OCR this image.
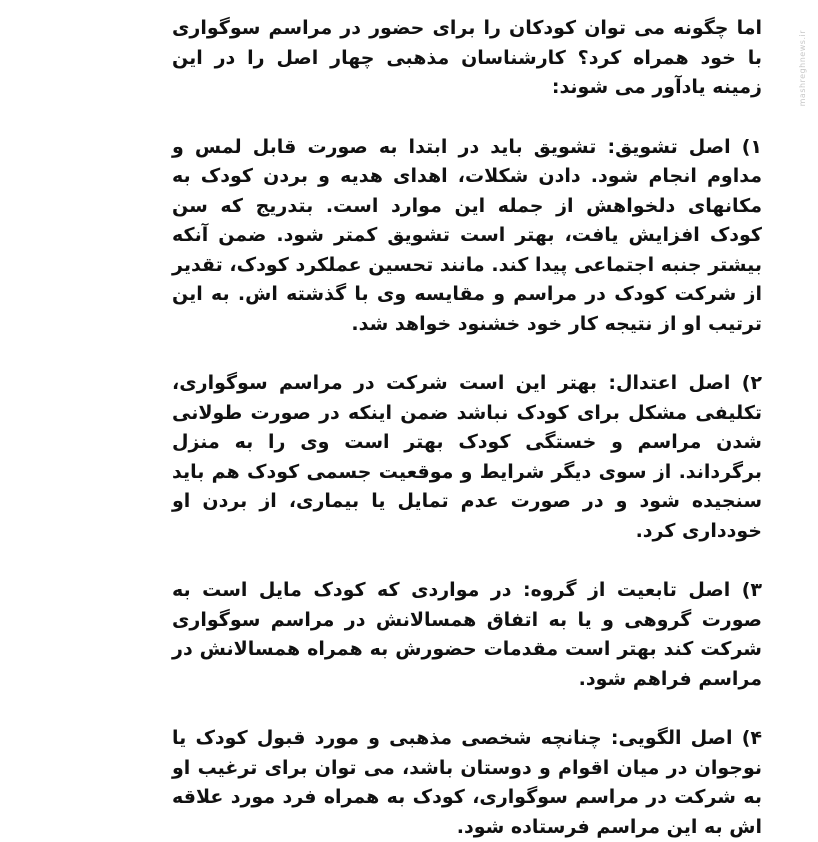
اما چگونه می توان کودکان را برای حضور در مراسم سوگواری با خود همراه کرد؟ کارشناسان مذهبی چهار اصل را در این زمینه یادآور می شوند:

۱) اصل تشویق: تشویق باید در ابتدا به صورت قابل لمس و مداوم انجام شود. دادن شکلات، اهدای هدیه و بردن کودک به مکانهای دلخواهش از جمله این موارد است. بتدریج که سن کودک افزایش یافت، بهتر است تشویق کمتر شود. ضمن آنکه بیشتر جنبه اجتماعی پیدا کند. مانند تحسین عملکرد کودک، تقدیر از شرکت کودک در مراسم و مقایسه وی با گذشته اش. به این ترتیب او از نتیجه کار خود خشنود خواهد شد.

۲) اصل اعتدال: بهتر این است شرکت در مراسم سوگواری، تکلیفی مشکل برای کودک نباشد ضمن اینکه در صورت طولانی شدن مراسم و خستگی کودک بهتر است وی را به منزل برگرداند. از سوی دیگر شرایط و موقعیت جسمی کودک هم باید سنجیده شود و در صورت عدم تمایل یا بیماری، از بردن او خودداری کرد.

۳) اصل تابعیت از گروه: در مواردی که کودک مایل است به صورت گروهی و یا به اتفاق همسالانش در مراسم سوگواری شرکت کند بهتر است مقدمات حضورش به همراه همسالانش در مراسم فراهم شود.

۴) اصل الگویی: چنانچه شخصی مذهبی و مورد قبول کودک یا نوجوان در میان اقوام و دوستان باشد، می توان برای ترغیب او به شرکت در مراسم سوگواری، کودک به همراه فرد مورد علاقه اش به این مراسم فرستاده شود.

mashreghnews.ir
